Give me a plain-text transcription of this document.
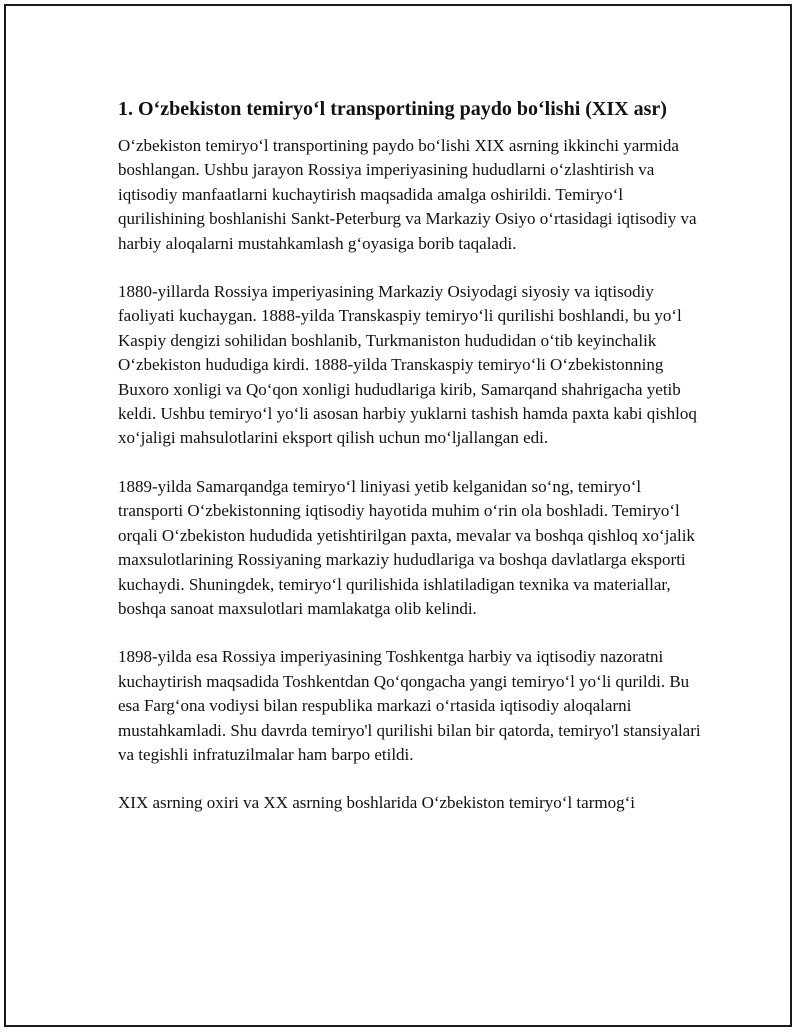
1. O‘zbekiston temiryo‘l transportining paydo bo‘lishi (XIX asr)

O‘zbekiston temiryo‘l transportining paydo bo‘lishi XIX asrning ikkinchi yarmida boshlangan. Ushbu jarayon Rossiya imperiyasining hududlarni o‘zlashtirish va iqtisodiy manfaatlarni kuchaytirish maqsadida amalga oshirildi. Temiryo‘l qurilishining boshlanishi Sankt-Peterburg va Markaziy Osiyo o‘rtasidagi iqtisodiy va harbiy aloqalarni mustahkamlash g‘oyasiga borib taqaladi.

1880-yillarda Rossiya imperiyasining Markaziy Osiyodagi siyosiy va iqtisodiy faoliyati kuchaygan. 1888-yilda Transkaspiy temiryo‘li qurilishi boshlandi, bu yo‘l Kaspiy dengizi sohilidan boshlanib, Turkmaniston hududidan o‘tib keyinchalik O‘zbekiston hududiga kirdi. 1888-yilda Transkaspiy temiryo‘li O‘zbekistonning Buxoro xonligi va Qo‘qon xonligi hududlariga kirib, Samarqand shahrigacha yetib keldi. Ushbu temiryo‘l yo‘li asosan harbiy yuklarni tashish hamda paxta kabi qishloq xo‘jaligi mahsulotlarini eksport qilish uchun mo‘ljallangan edi.

1889-yilda Samarqandga temiryo‘l liniyasi yetib kelganidan so‘ng, temiryo‘l transporti O‘zbekistonning iqtisodiy hayotida muhim o‘rin ola boshladi. Temiryo‘l orqali O‘zbekiston hududida yetishtirilgan paxta, mevalar va boshqa qishloq xo‘jalik maxsulotlarining Rossiyaning markaziy hududlariga va boshqa davlatlarga eksporti kuchaydi. Shuningdek, temiryo‘l qurilishida ishlatiladigan texnika va materiallar, boshqa sanoat maxsulotlari mamlakatga olib kelindi.

1898-yilda esa Rossiya imperiyasining Toshkentga harbiy va iqtisodiy nazoratni kuchaytirish maqsadida Toshkentdan Qo‘qongacha yangi temiryo‘l yo‘li qurildi. Bu esa Farg‘ona vodiysi bilan respublika markazi o‘rtasida iqtisodiy aloqalarni mustahkamladi. Shu davrda temiryo'l qurilishi bilan bir qatorda, temiryo'l stansiyalari va tegishli infratuzilmalar ham barpo etildi.

XIX asrning oxiri va XX asrning boshlarida O‘zbekiston temiryo‘l tarmog‘i
